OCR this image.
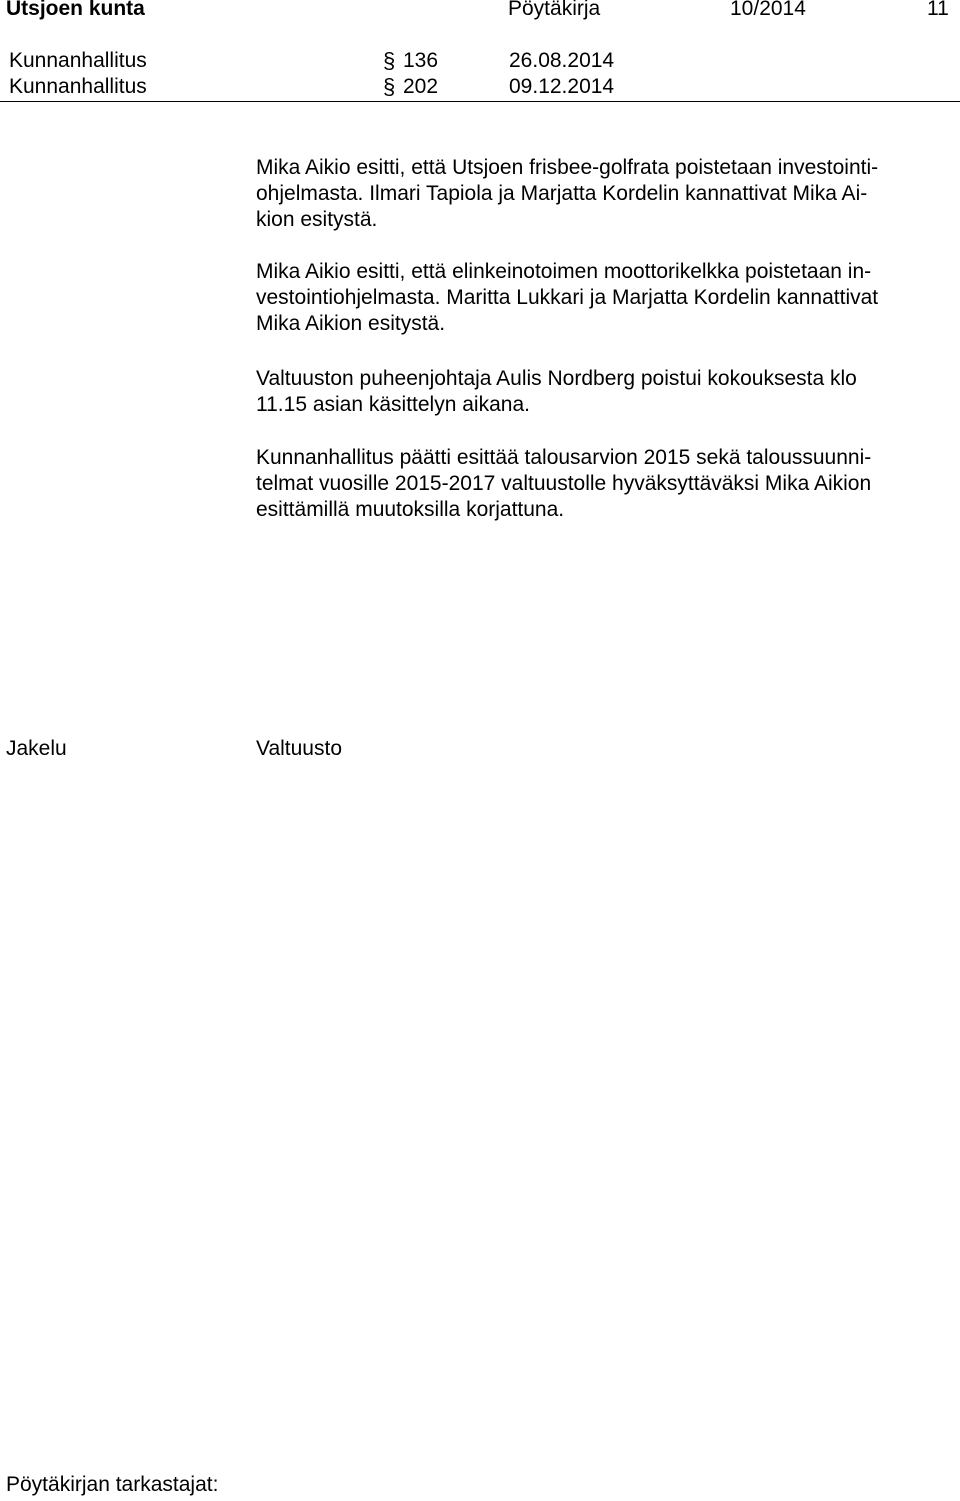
Utsjoen kunta	Pöytäkirja	10/2014	11
Kunnanhallitus	§ 136	26.08.2014
Kunnanhallitus	§ 202	09.12.2014

Mika Aikio esitti, että Utsjoen frisbee-golfrata poistetaan investointi-
ohjelmasta. Ilmari Tapiola ja Marjatta Kordelin kannattivat Mika Ai-
kion esitystä.

Mika Aikio esitti, että elinkeinotoimen moottorikelkka poistetaan in-
vestointiohjelmasta. Maritta Lukkari ja Marjatta Kordelin kannattivat
Mika Aikion esitystä.

Valtuuston puheenjohtaja Aulis Nordberg poistui kokouksesta klo
11.15 asian käsittelyn aikana.

Kunnanhallitus päätti esittää talousarvion 2015 sekä taloussuunni-
telmat vuosille 2015-2017 valtuustolle hyväksyttäväksi Mika Aikion
esittämillä muutoksilla korjattuna.

Jakelu	Valtuusto
Pöytäkirjan tarkastajat:
